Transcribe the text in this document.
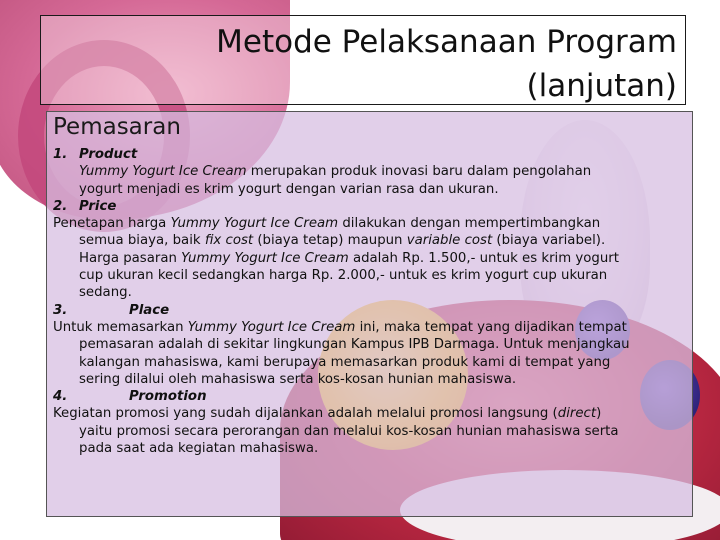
Metode Pelaksanaan Program
(lanjutan)
Pemasaran

1. Product

Yummy Yogurt Ice Cream merupakan produk inovasi baru dalam pengolahan

yogurt menjadi es krim yogurt dengan varian rasa dan ukuran.

2. Price

Penetapan harga Yummy Yogurt Ice Cream dilakukan dengan mempertimbangkan

semua biaya, baik fix cost (biaya tetap) maupun variable cost (biaya variabel).

Harga pasaran Yummy Yogurt Ice Cream adalah Rp. 1.500,- untuk es krim yogurt

cup ukuran kecil sedangkan harga Rp. 2.000,- untuk es krim yogurt cup ukuran

sedang.

3.	Place

Untuk memasarkan Yummy Yogurt Ice Cream ini, maka tempat yang dijadikan tempat

pemasaran adalah di sekitar lingkungan Kampus IPB Darmaga. Untuk menjangkau

kalangan mahasiswa, kami berupaya memasarkan produk kami di tempat yang

sering dilalui oleh mahasiswa serta kos-kosan hunian mahasiswa.

4.	Promotion

Kegiatan promosi yang sudah dijalankan adalah melalui promosi langsung (direct)

yaitu promosi secara perorangan dan melalui kos-kosan hunian mahasiswa serta

pada saat ada kegiatan mahasiswa.
